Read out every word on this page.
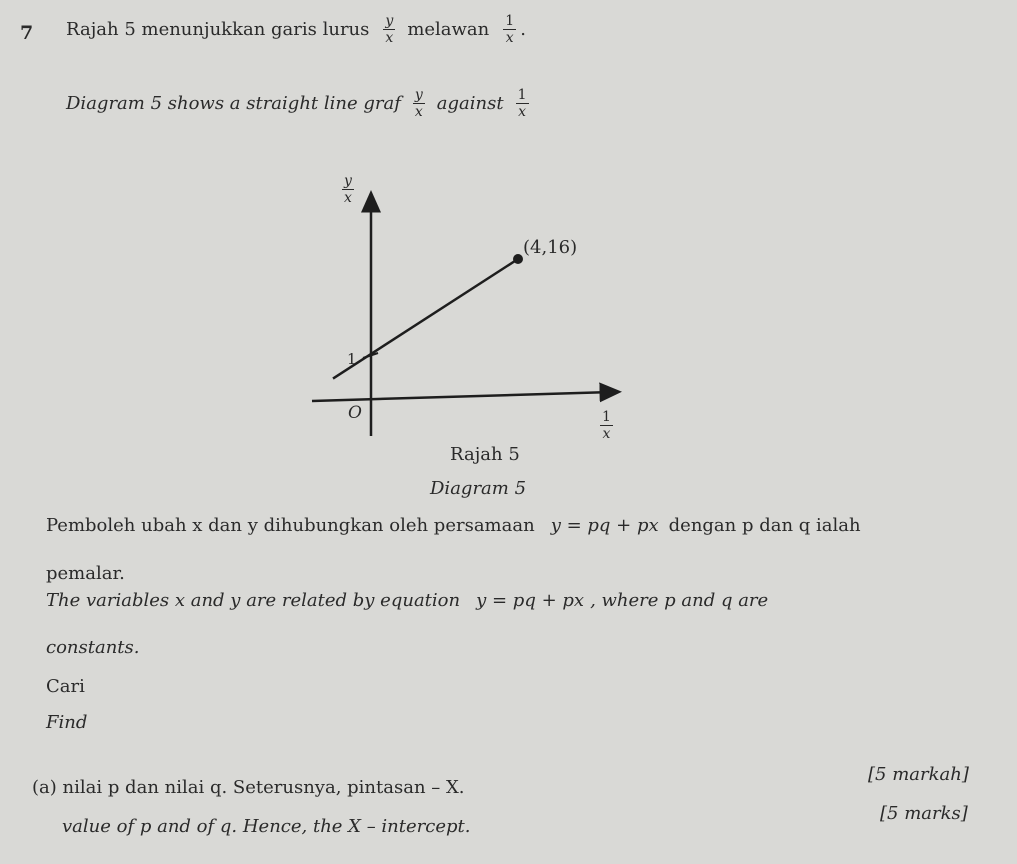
7 Rajah 5 menunjukkan garis lurus $\frac{y}{x}$ melawan $\frac{1}{x}$ .
Diagram 5 shows a straight line graf $\frac{y}{x}$ against $\frac{1}{x}$
$\frac{y}{x}$
(4,16)
1
O	$\frac{1}{x}$
Rajah 5
Diagram 5
Pemboleh ubah x dan y dihubungkan oleh persamaan y = pq + px dengan p dan q ialah
pemalar.
The variables x and y are related by equation y = pq + px , where p and q are
constants.
Cari
Find
(a) nilai p dan nilai q. Seterusnya, pintasan – X.
[5 markah]
value of p and of q. Hence, the X – intercept.
[5 marks]
